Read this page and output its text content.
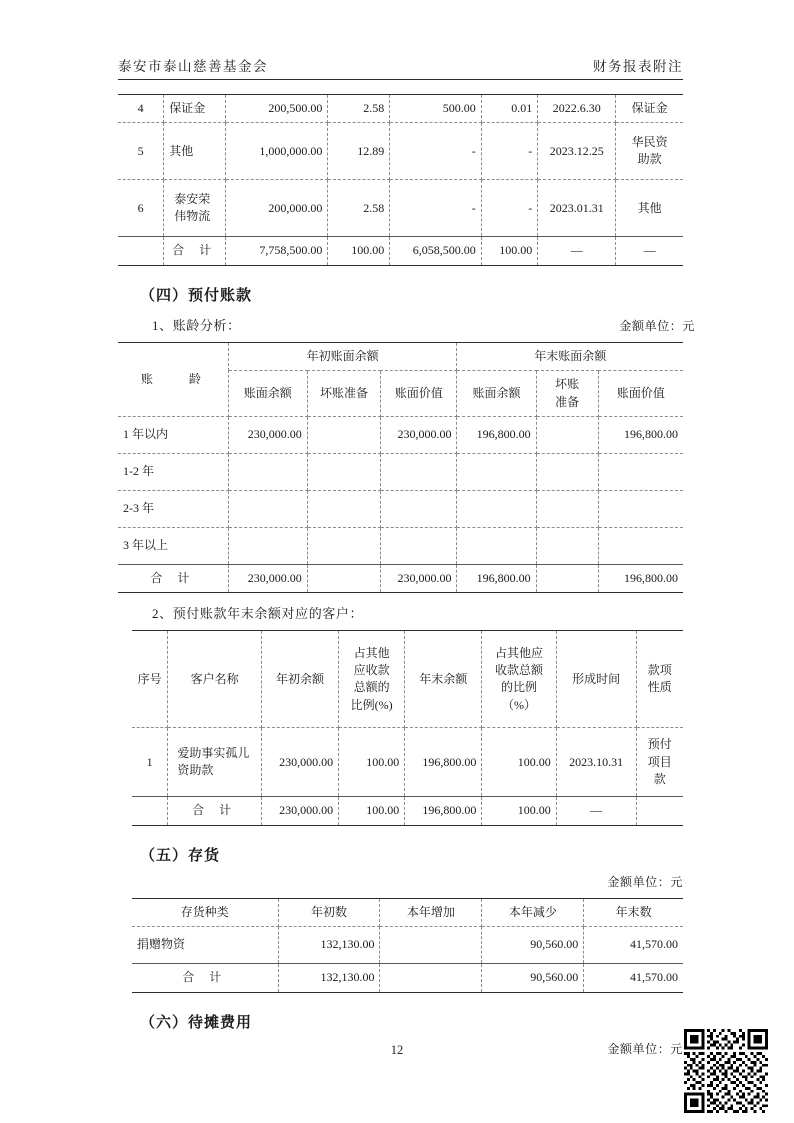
泰安市泰山慈善基金会	财务报表附注
4	保证金	200,500.00	2.58	500.00	0.01	2022.6.30	保证金
5	其他	1,000,000.00	12.89	-	-	2023.12.25	华民资助款
6	泰安荣伟物流	200,000.00	2.58	-	-	2023.01.31	其他
	合 计	7,758,500.00	100.00	6,058,500.00	100.00	—	—
（四）预付账款
1、账龄分析：	金额单位：元
账　　龄	年初账面余额			年末账面余额		
	账面余额	坏账准备	账面价值	账面余额	坏账准备	账面价值
1 年以内	230,000.00		230,000.00	196,800.00		196,800.00
1-2 年						
2-3 年						
3 年以上						
合 计	230,000.00		230,000.00	196,800.00		196,800.00
2、预付账款年末余额对应的客户：
序号	客户名称	年初余额	占其他应收款总额的比例(%)	年末余额	占其他应收款总额的比例（%）	形成时间	款项性质
1	爱助事实孤儿资助款	230,000.00	100.00	196,800.00	100.00	2023.10.31	预付项目款
	合 计	230,000.00	100.00	196,800.00	100.00	—	
（五）存货
金额单位：元
存货种类	年初数	本年增加	本年减少	年末数
捐赠物资	132,130.00		90,560.00	41,570.00
合 计	132,130.00		90,560.00	41,570.00
（六）待摊费用
金额单位：元
12
